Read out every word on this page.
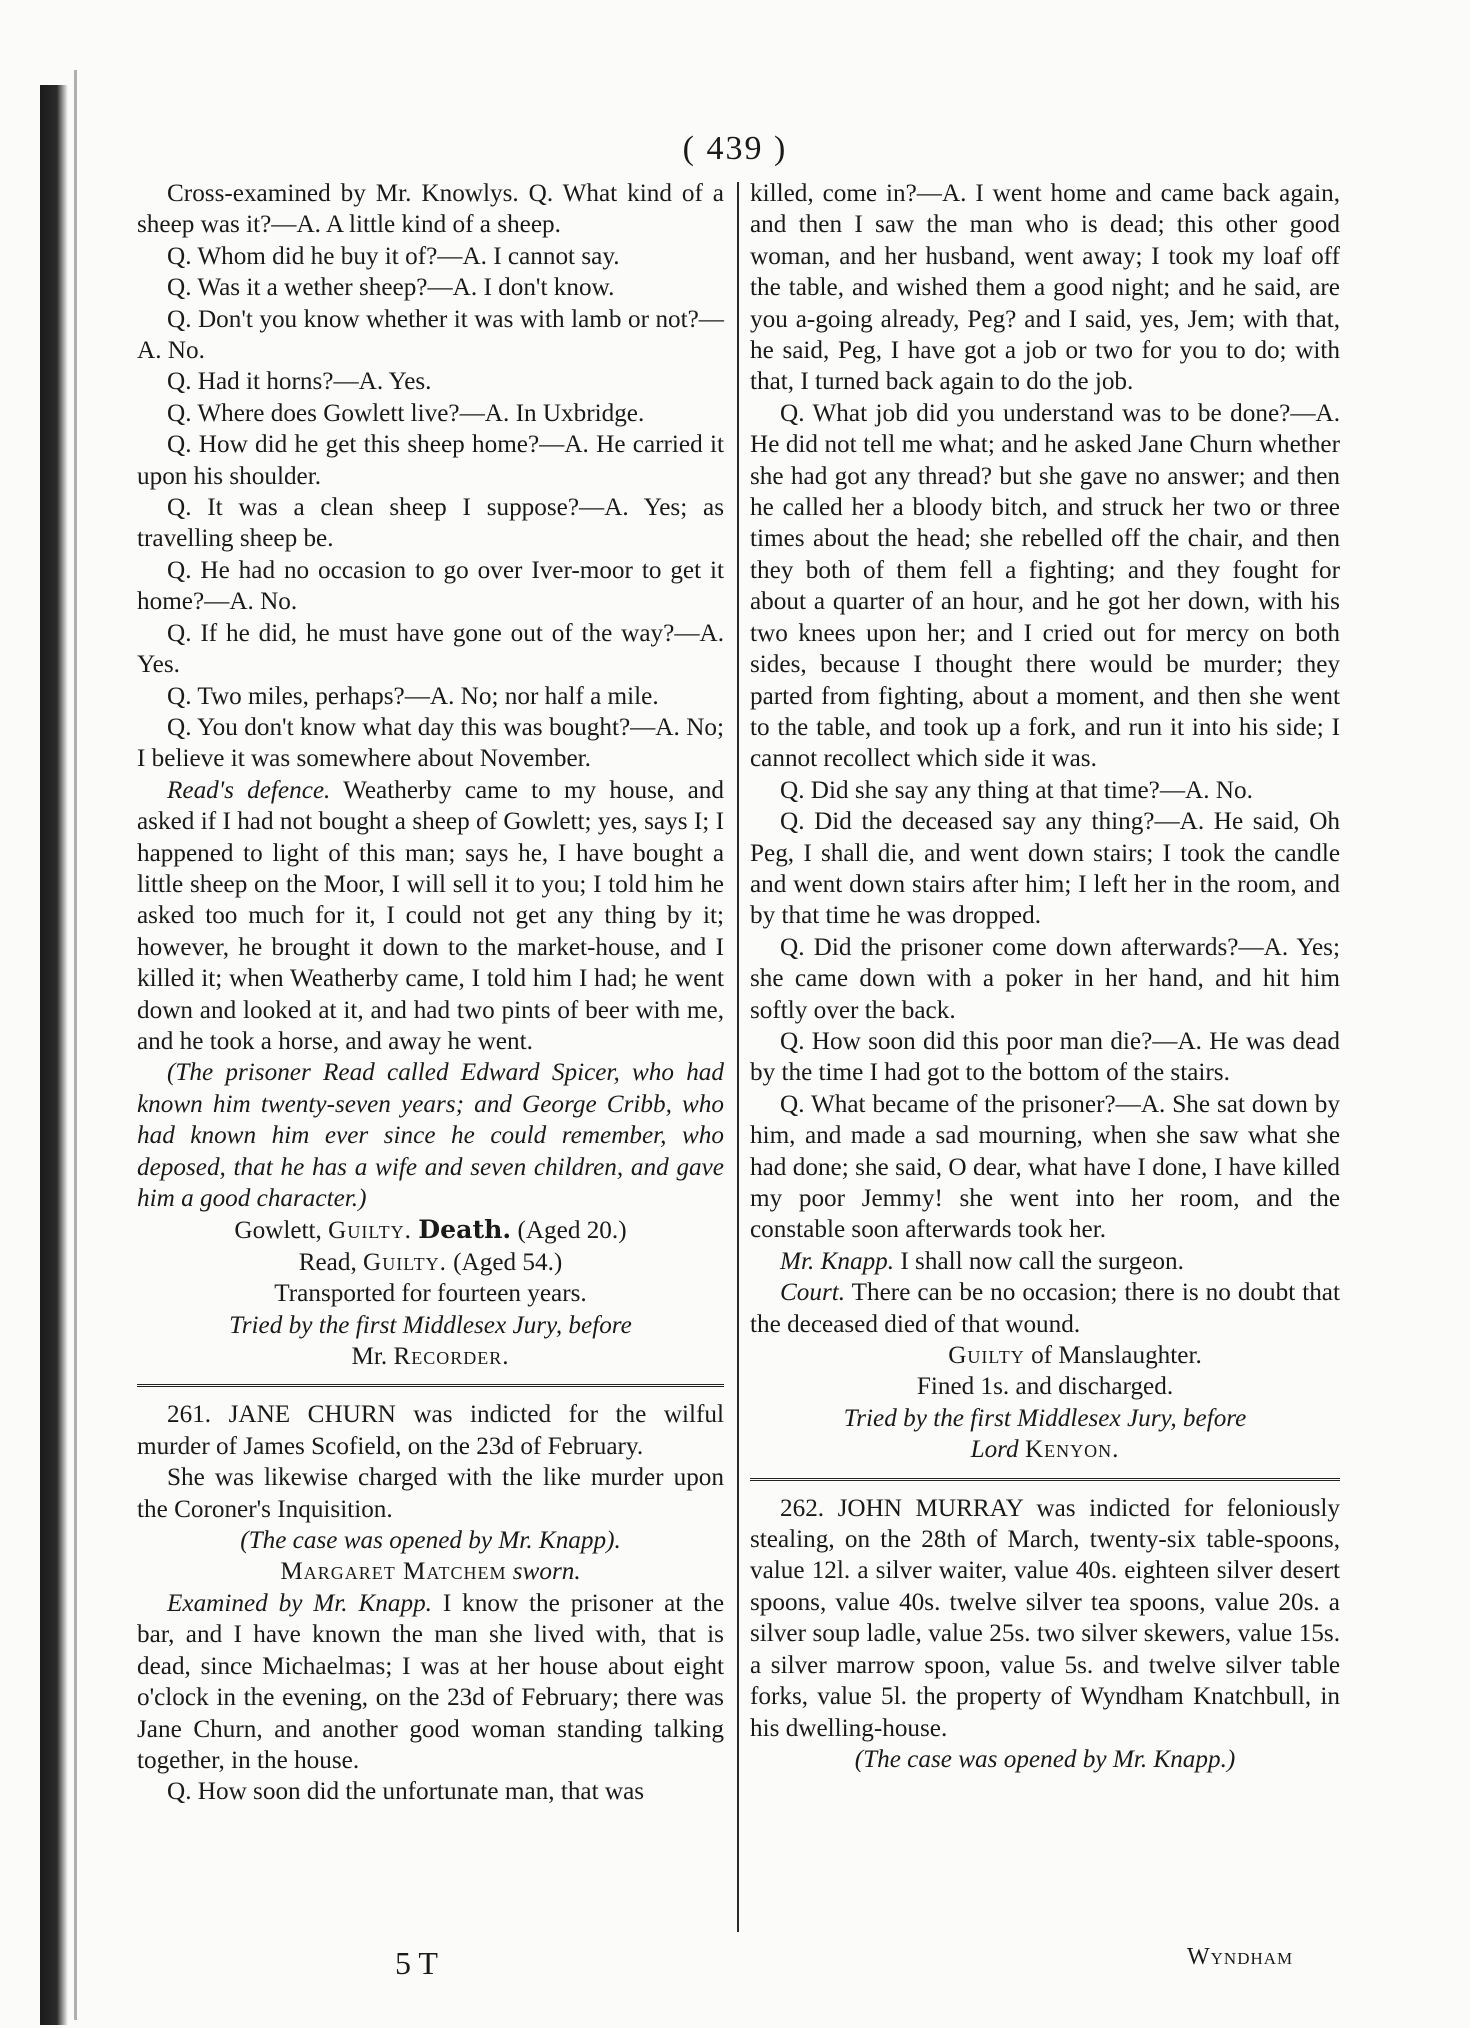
( 439 )

Cross-examined by Mr. Knowlys. Q. What kind of a sheep was it?—A. A little kind of a sheep.

Q. Whom did he buy it of?—A. I cannot say.

Q. Was it a wether sheep?—A. I don't know.

Q. Don't you know whether it was with lamb or not?—A. No.

Q. Had it horns?—A. Yes.

Q. Where does Gowlett live?—A. In Uxbridge.

Q. How did he get this sheep home?—A. He carried it upon his shoulder.

Q. It was a clean sheep I suppose?—A. Yes; as travelling sheep be.

Q. He had no occasion to go over Iver-moor to get it home?—A. No.

Q. If he did, he must have gone out of the way?—A. Yes.

Q. Two miles, perhaps?—A. No; nor half a mile.

Q. You don't know what day this was bought?—A. No; I believe it was somewhere about November.

Read's defence. Weatherby came to my house, and asked if I had not bought a sheep of Gowlett; yes, says I; I happened to light of this man; says he, I have bought a little sheep on the Moor, I will sell it to you; I told him he asked too much for it, I could not get any thing by it; however, he brought it down to the market-house, and I killed it; when Weatherby came, I told him I had; he went down and looked at it, and had two pints of beer with me, and he took a horse, and away he went.

(The prisoner Read called Edward Spicer, who had known him twenty-seven years; and George Cribb, who had known him ever since he could remember, who deposed, that he has a wife and seven children, and gave him a good character.)

Gowlett, Guilty. Death. (Aged 20.)

Read, Guilty. (Aged 54.)

Transported for fourteen years.

Tried by the first Middlesex Jury, before

Mr. Recorder.

261. JANE CHURN was indicted for the wilful murder of James Scofield, on the 23d of February.

She was likewise charged with the like murder upon the Coroner's Inquisition.

(The case was opened by Mr. Knapp).

Margaret Matchem sworn.

Examined by Mr. Knapp. I know the prisoner at the bar, and I have known the man she lived with, that is dead, since Michaelmas; I was at her house about eight o'clock in the evening, on the 23d of February; there was Jane Churn, and another good woman standing talking together, in the house.

Q. How soon did the unfortunate man, that was

killed, come in?—A. I went home and came back again, and then I saw the man who is dead; this other good woman, and her husband, went away; I took my loaf off the table, and wished them a good night; and he said, are you a-going already, Peg? and I said, yes, Jem; with that, he said, Peg, I have got a job or two for you to do; with that, I turned back again to do the job.

Q. What job did you understand was to be done?—A. He did not tell me what; and he asked Jane Churn whether she had got any thread? but she gave no answer; and then he called her a bloody bitch, and struck her two or three times about the head; she rebelled off the chair, and then they both of them fell a fighting; and they fought for about a quarter of an hour, and he got her down, with his two knees upon her; and I cried out for mercy on both sides, because I thought there would be murder; they parted from fighting, about a moment, and then she went to the table, and took up a fork, and run it into his side; I cannot recollect which side it was.

Q. Did she say any thing at that time?—A. No.

Q. Did the deceased say any thing?—A. He said, Oh Peg, I shall die, and went down stairs; I took the candle and went down stairs after him; I left her in the room, and by that time he was dropped.

Q. Did the prisoner come down afterwards?—A. Yes; she came down with a poker in her hand, and hit him softly over the back.

Q. How soon did this poor man die?—A. He was dead by the time I had got to the bottom of the stairs.

Q. What became of the prisoner?—A. She sat down by him, and made a sad mourning, when she saw what she had done; she said, O dear, what have I done, I have killed my poor Jemmy! she went into her room, and the constable soon afterwards took her.

Mr. Knapp. I shall now call the surgeon.

Court. There can be no occasion; there is no doubt that the deceased died of that wound.

Guilty of Manslaughter.

Fined 1s. and discharged.

Tried by the first Middlesex Jury, before

Lord Kenyon.

262. JOHN MURRAY was indicted for feloniously stealing, on the 28th of March, twenty-six table-spoons, value 12l. a silver waiter, value 40s. eighteen silver desert spoons, value 40s. twelve silver tea spoons, value 20s. a silver soup ladle, value 25s. two silver skewers, value 15s. a silver marrow spoon, value 5s. and twelve silver table forks, value 5l. the property of Wyndham Knatchbull, in his dwelling-house.

(The case was opened by Mr. Knapp.)

5 T	Wyndham
